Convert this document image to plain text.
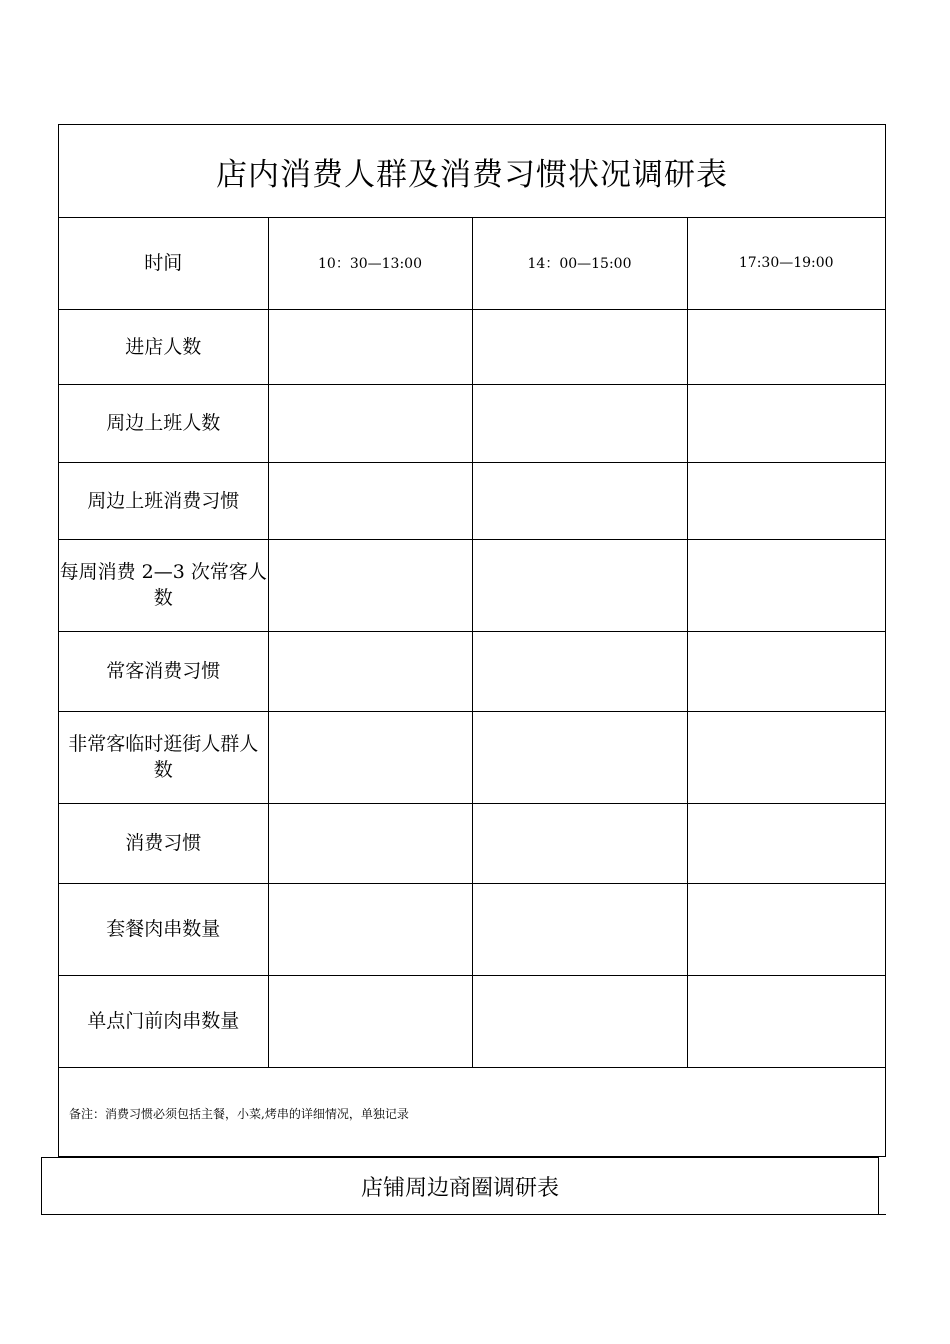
店内消费人群及消费习惯状况调研表
时间	10：30—13:00	14：00—15:00	17:30—19:00
进店人数			
周边上班人数			
周边上班消费习惯			
每周消费 2—3 次常客人数			
常客消费习惯			
非常客临时逛街人群人数			
消费习惯			
套餐肉串数量			
单点门前肉串数量			
备注：消费习惯必须包括主餐，小菜,烤串的详细情况，单独记录
店铺周边商圈调研表
